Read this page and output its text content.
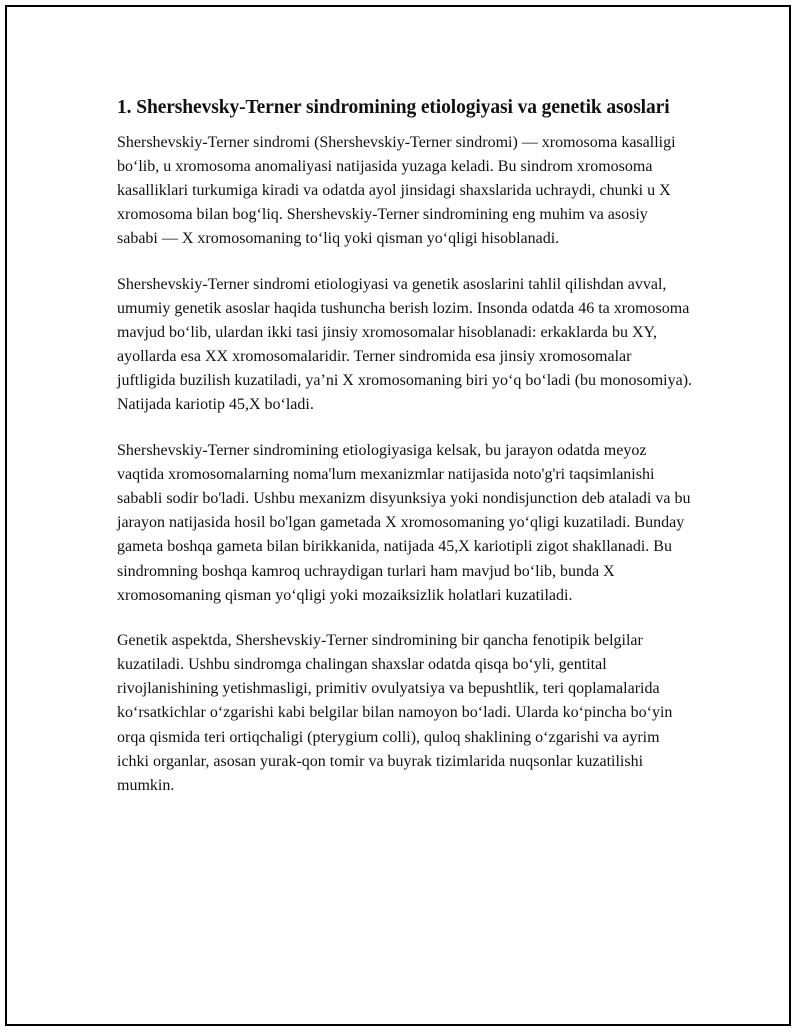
1. Shershevsky-Terner sindromining etiologiyasi va genetik asoslari

Shershevskiy-Terner sindromi (Shershevskiy-Terner sindromi) — xromosoma kasalligi bo‘lib, u xromosoma anomaliyasi natijasida yuzaga keladi. Bu sindrom xromosoma kasalliklari turkumiga kiradi va odatda ayol jinsidagi shaxslarida uchraydi, chunki u X xromosoma bilan bog‘liq. Shershevskiy-Terner sindromining eng muhim va asosiy sababi — X xromosomaning to‘liq yoki qisman yo‘qligi hisoblanadi.

Shershevskiy-Terner sindromi etiologiyasi va genetik asoslarini tahlil qilishdan avval, umumiy genetik asoslar haqida tushuncha berish lozim. Insonda odatda 46 ta xromosoma mavjud bo‘lib, ulardan ikki tasi jinsiy xromosomalar hisoblanadi: erkaklarda bu XY, ayollarda esa XX xromosomalaridir. Terner sindromida esa jinsiy xromosomalar juftligida buzilish kuzatiladi, ya’ni X xromosomaning biri yo‘q bo‘ladi (bu monosomiya). Natijada kariotip 45,X bo‘ladi.

Shershevskiy-Terner sindromining etiologiyasiga kelsak, bu jarayon odatda meyoz vaqtida xromosomalarning noma'lum mexanizmlar natijasida noto'g'ri taqsimlanishi sababli sodir bo'ladi. Ushbu mexanizm disyunksiya yoki nondisjunction deb ataladi va bu jarayon natijasida hosil bo'lgan gametada X xromosomaning yo‘qligi kuzatiladi. Bunday gameta boshqa gameta bilan birikkanida, natijada 45,X kariotipli zigot shakllanadi. Bu sindromning boshqa kamroq uchraydigan turlari ham mavjud bo‘lib, bunda X xromosomaning qisman yo‘qligi yoki mozaiksizlik holatlari kuzatiladi.

Genetik aspektda, Shershevskiy-Terner sindromining bir qancha fenotipik belgilar kuzatiladi. Ushbu sindromga chalingan shaxslar odatda qisqa bo‘yli, gentital rivojlanishining yetishmasligi, primitiv ovulyatsiya va bepushtlik, teri qoplamalarida ko‘rsatkichlar o‘zgarishi kabi belgilar bilan namoyon bo‘ladi. Ularda ko‘pincha bo‘yin orqa qismida teri ortiqchaligi (pterygium colli), quloq shaklining o‘zgarishi va ayrim ichki organlar, asosan yurak-qon tomir va buyrak tizimlarida nuqsonlar kuzatilishi mumkin.
